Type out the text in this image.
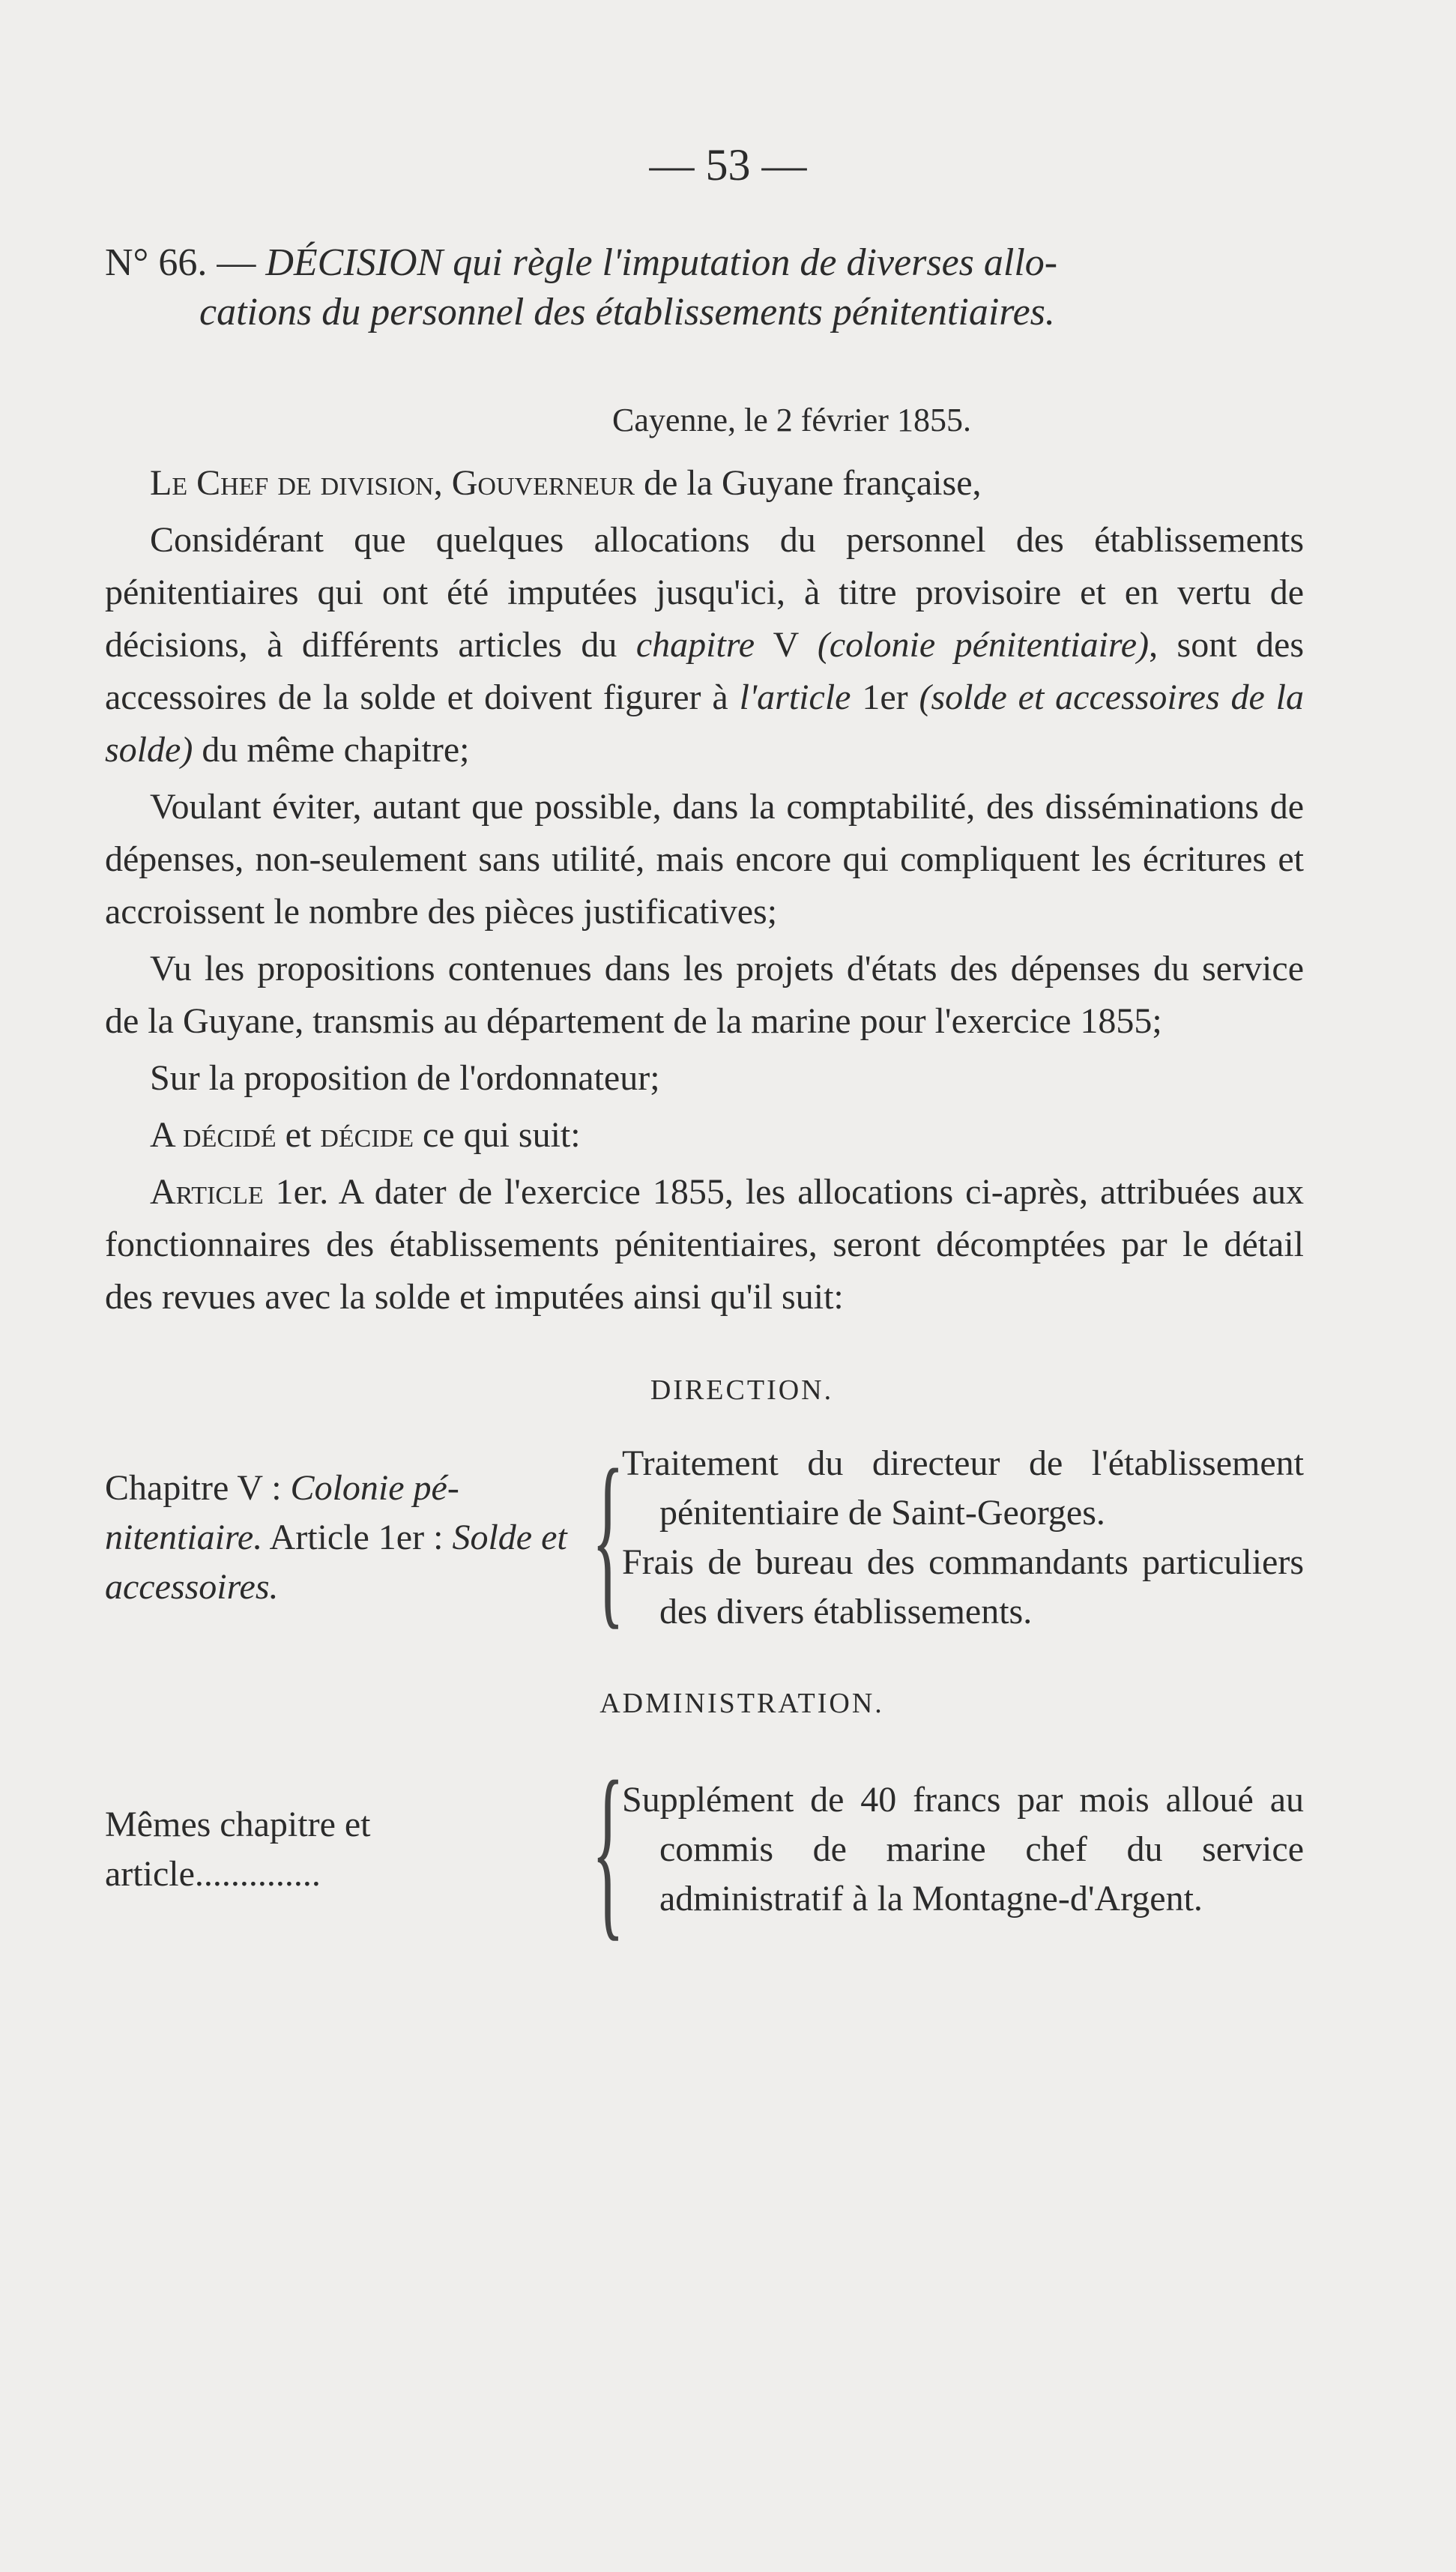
— 53 —
N° 66. — DÉCISION qui règle l'imputation de diverses allo-
cations du personnel des établissements pénitentiaires.
Cayenne, le 2 février 1855.

Le Chef de division, Gouverneur de la Guyane française,

Considérant que quelques allocations du personnel des établissements pénitentiaires qui ont été imputées jusqu'ici, à titre provisoire et en vertu de décisions, à différents articles du chapitre V (colonie pénitentiaire), sont des accessoires de la solde et doivent figurer à l'article 1er (solde et accessoires de la solde) du même chapitre;

Voulant éviter, autant que possible, dans la comptabilité, des disséminations de dépenses, non-seulement sans utilité, mais encore qui compliquent les écritures et accroissent le nombre des pièces justificatives;

Vu les propositions contenues dans les projets d'états des dépenses du service de la Guyane, transmis au département de la marine pour l'exercice 1855;

Sur la proposition de l'ordonnateur;

A décidé et décide ce qui suit:

Article 1er. A dater de l'exercice 1855, les allocations ci-après, attribuées aux fonctionnaires des établissements pénitentiaires, seront décomptées par le détail des revues avec la solde et imputées ainsi qu'il suit:

DIRECTION.
Chapitre V : Colonie pé-nitentiaire. Article 1er : Solde et accessoires.	{

Traitement du directeur de l'établissement pénitentiaire de Saint-Georges.

Frais de bureau des commandants particuliers des divers établissements.

ADMINISTRATION.
Mêmes chapitre et article..............	{

Supplément de 40 francs par mois alloué au commis de marine chef du service administratif à la Montagne-d'Argent.
